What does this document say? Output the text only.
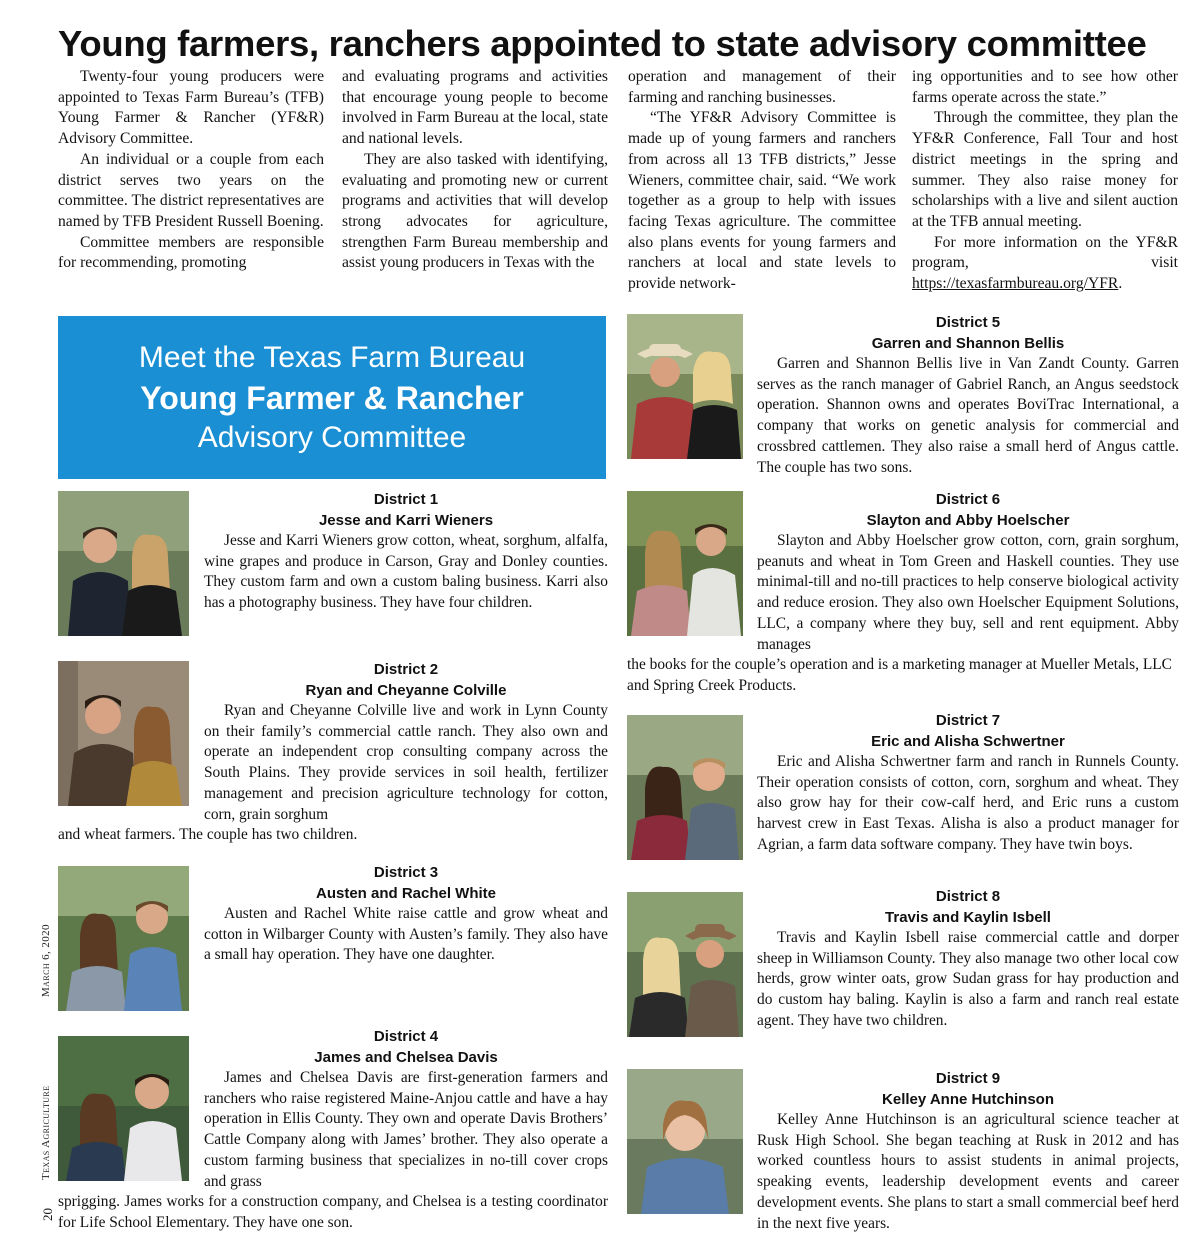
Young farmers, ranchers appointed to state advisory committee

Twenty-four young producers were appointed to Texas Farm Bureau’s (TFB) Young Farmer & Rancher (YF&R) Advisory Committee.

An individual or a couple from each district serves two years on the committee. The district representatives are named by TFB President Russell Boening.

Committee members are responsible for recommending, promoting

and evaluating programs and activities that encourage young people to become involved in Farm Bureau at the local, state and national levels.

They are also tasked with identifying, evaluating and promoting new or current programs and activities that will develop strong advocates for agriculture, strengthen Farm Bureau membership and assist young producers in Texas with the

operation and management of their farming and ranching businesses.

“The YF&R Advisory Committee is made up of young farmers and ranchers from across all 13 TFB districts,” Jesse Wieners, committee chair, said. “We work together as a group to help with issues facing Texas agriculture. The committee also plans events for young farmers and ranchers at local and state levels to provide network-

ing opportunities and to see how other farms operate across the state.”

Through the committee, they plan the YF&R Conference, Fall Tour and host district meetings in the spring and summer. They also raise money for scholarships with a live and silent auction at the TFB annual meeting.

For more information on the YF&R program, visit https://texasfarmbureau.org/YFR.

Meet the Texas Farm Bureau
Young Farmer & Rancher
Advisory Committee
District 1
Jesse and Karri Wieners

Jesse and Karri Wieners grow cotton, wheat, sorghum, alfalfa, wine grapes and produce in Carson, Gray and Donley counties. They custom farm and own a custom baling business. Karri also has a photography business. They have four children.

District 2
Ryan and Cheyanne Colville

Ryan and Cheyanne Colville live and work in Lynn County on their family’s commercial cattle ranch. They also own and operate an independent crop consulting company across the South Plains. They provide services in soil health, fertilizer management and precision agriculture technology for cotton, corn, grain sorghum

and wheat farmers. The couple has two children.

District 3
Austen and Rachel White

Austen and Rachel White raise cattle and grow wheat and cotton in Wilbarger County with Austen’s family. They also have a small hay operation. They have one daughter.

District 4
James and Chelsea Davis

James and Chelsea Davis are first-generation farmers and ranchers who raise registered Maine-Anjou cattle and have a hay operation in Ellis County. They own and operate Davis Brothers’ Cattle Company along with James’ brother. They also operate a custom farming business that specializes in no-till cover crops and grass

sprigging. James works for a construction company, and Chelsea is a testing coordinator for Life School Elementary. They have one son.

District 5
Garren and Shannon Bellis

Garren and Shannon Bellis live in Van Zandt County. Garren serves as the ranch manager of Gabriel Ranch, an Angus seedstock operation. Shannon owns and operates BoviTrac International, a company that works on genetic analysis for commercial and crossbred cattlemen. They also raise a small herd of Angus cattle. The couple has two sons.

District 6
Slayton and Abby Hoelscher

Slayton and Abby Hoelscher grow cotton, corn, grain sorghum, peanuts and wheat in Tom Green and Haskell counties. They use minimal-till and no-till practices to help conserve biological activity and reduce erosion. They also own Hoelscher Equipment Solutions, LLC, a company where they buy, sell and rent equipment. Abby manages

the books for the couple’s operation and is a marketing manager at Mueller Metals, LLC and Spring Creek Products.

District 7
Eric and Alisha Schwertner

Eric and Alisha Schwertner farm and ranch in Runnels County. Their operation consists of cotton, corn, sorghum and wheat. They also grow hay for their cow-calf herd, and Eric runs a custom harvest crew in East Texas. Alisha is also a product manager for Agrian, a farm data software company. They have twin boys.

District 8
Travis and Kaylin Isbell

Travis and Kaylin Isbell raise commercial cattle and dorper sheep in Williamson County. They also manage two other local cow herds, grow winter oats, grow Sudan grass for hay production and do custom hay baling. Kaylin is also a farm and ranch real estate agent. They have two children.

District 9
Kelley Anne Hutchinson

Kelley Anne Hutchinson is an agricultural science teacher at Rusk High School. She began teaching at Rusk in 2012 and has worked countless hours to assist students in animal projects, speaking events, leadership development events and career development events. She plans to start a small commercial beef herd in the next five years.

March 6, 2020
Texas Agriculture
20
